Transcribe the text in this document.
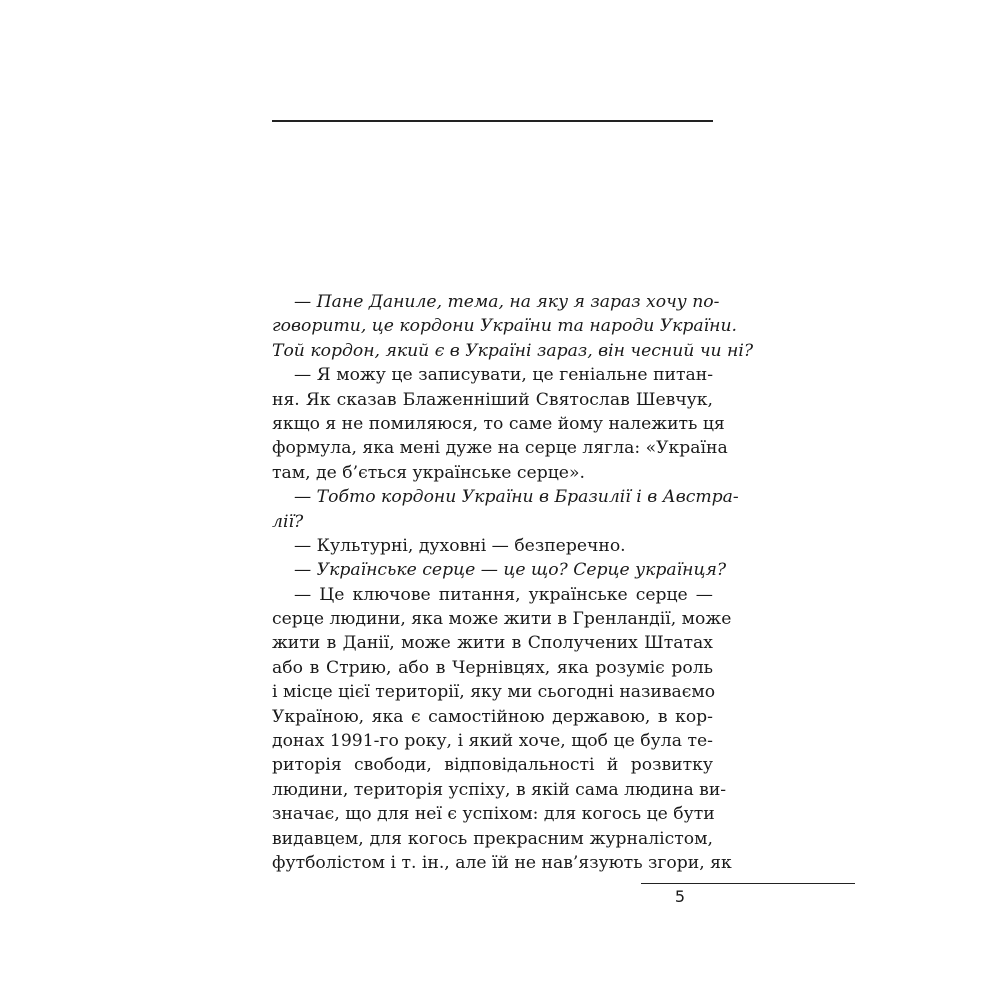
— Пане Даниле, тема, на яку я зараз хочу по-
говорити, це кордони України та народи України.
Той кордон, який є в Україні зараз, він чесний чи ні?
— Я можу це записувати, це геніальне питан-
ня. Як сказав Блаженніший Святослав Шевчук,
якщо я не помиляюся, то саме йому належить ця
формула, яка мені дуже на серце лягла: «Україна
там, де б’ється українське серце».
— Тобто кордони України в Бразилії і в Австра-
лії?
— Культурні, духовні — безперечно.
— Українське серце — це що? Серце українця?
— Це ключове питання, українське серце —
серце людини, яка може жити в Гренландії, може
жити в Данії, може жити в Сполучених Штатах
або в Стрию, або в Чернівцях, яка розуміє роль
і місце цієї території, яку ми сьогодні називаємо
Україною, яка є самостійною державою, в кор-
донах 1991-го року, і який хоче, щоб це була те-
риторія свободи, відповідальності й розвитку
людини, територія успіху, в якій сама людина ви-
значає, що для неї є успіхом: для когось це бути
видавцем, для когось прекрасним журналістом,
футболістом і т. ін., але їй не нав’язують згори, як
5
